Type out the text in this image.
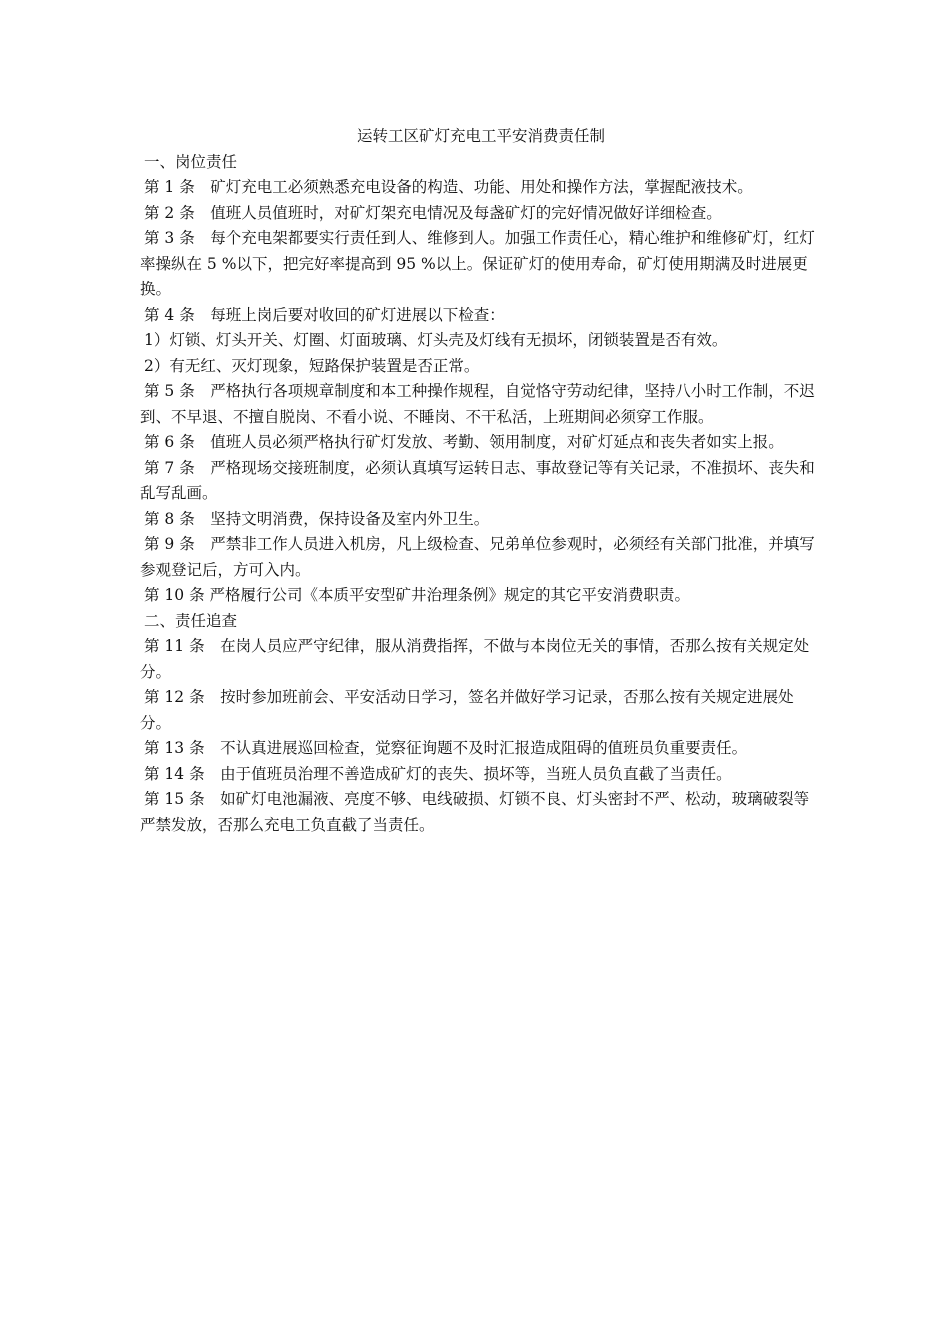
运转工区矿灯充电工平安消费责任制

一、岗位责任

第 1 条　矿灯充电工必须熟悉充电设备的构造、功能、用处和操作方法，掌握配液技术。

第 2 条　值班人员值班时，对矿灯架充电情况及每盏矿灯的完好情况做好详细检查。

第 3 条　每个充电架都要实行责任到人、维修到人。加强工作责任心，精心维护和维修矿灯，红灯率操纵在 5 %以下，把完好率提高到 95 %以上。保证矿灯的使用寿命，矿灯使用期满及时进展更换。

第 4 条　每班上岗后要对收回的矿灯进展以下检查：

1）灯锁、灯头开关、灯圈、灯面玻璃、灯头壳及灯线有无损坏，闭锁装置是否有效。

2）有无红、灭灯现象，短路保护装置是否正常。

第 5 条　严格执行各项规章制度和本工种操作规程，自觉恪守劳动纪律，坚持八小时工作制，不迟到、不早退、不擅自脱岗、不看小说、不睡岗、不干私活，上班期间必须穿工作服。

第 6 条　值班人员必须严格执行矿灯发放、考勤、领用制度，对矿灯延点和丧失者如实上报。

第 7 条　严格现场交接班制度，必须认真填写运转日志、事故登记等有关记录，不准损坏、丧失和乱写乱画。

第 8 条　坚持文明消费，保持设备及室内外卫生。

第 9 条　严禁非工作人员进入机房，凡上级检查、兄弟单位参观时，必须经有关部门批准，并填写参观登记后，方可入内。

第 10 条 严格履行公司《本质平安型矿井治理条例》规定的其它平安消费职责。

二、责任追查

第 11 条　在岗人员应严守纪律，服从消费指挥，不做与本岗位无关的事情，否那么按有关规定处分。

第 12 条　按时参加班前会、平安活动日学习，签名并做好学习记录，否那么按有关规定进展处分。

第 13 条　不认真进展巡回检查，觉察征询题不及时汇报造成阻碍的值班员负重要责任。

第 14 条　由于值班员治理不善造成矿灯的丧失、损坏等，当班人员负直截了当责任。

第 15 条　如矿灯电池漏液、亮度不够、电线破损、灯锁不良、灯头密封不严、松动，玻璃破裂等严禁发放，否那么充电工负直截了当责任。
